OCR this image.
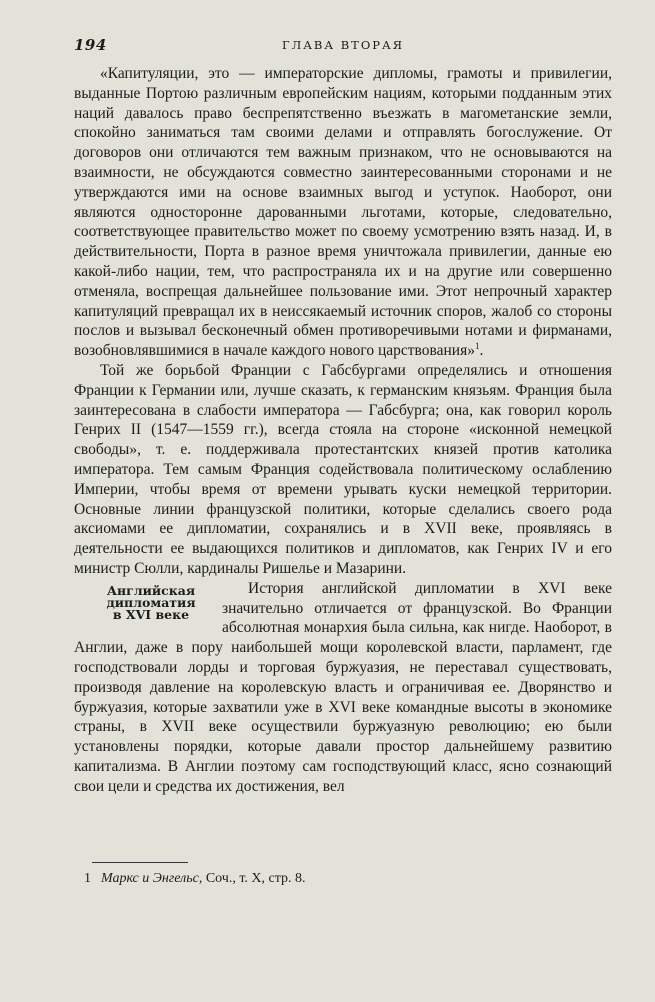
194	ГЛАВА ВТОРАЯ

«Капитуляции, это — императорские дипломы, грамоты и привилегии, выданные Портою различным европейским нациям, которыми подданным этих наций давалось право беспрепятственно въезжать в магометанские земли, спокойно заниматься там своими делами и отправлять богослужение. От договоров они отличаются тем важным признаком, что не основываются на взаимности, не обсуждаются совместно заинтересованными сторонами и не утверждаются ими на основе взаимных выгод и уступок. Наоборот, они являются односторонне дарованными льготами, которые, следовательно, соответствующее правительство может по своему усмотрению взять назад. И, в действительности, Порта в разное время уничтожала привилегии, данные ею какой-либо нации, тем, что распространяла их и на другие или совершенно отменяла, воспрещая дальнейшее пользование ими. Этот непрочный характер капитуляций превращал их в неиссякаемый источник споров, жалоб со стороны послов и вызывал бесконечный обмен противоречивыми нотами и фирманами, возобновлявшимися в начале каждого нового царствования»$^1$.

Той же борьбой Франции с Габсбургами определялись и отношения Франции к Германии или, лучше сказать, к германским князьям. Франция была заинтересована в слабости императора — Габсбурга; она, как говорил король Генрих II (1547—1559 гг.), всегда стояла на стороне «исконной немецкой свободы», т. е. поддерживала протестантских князей против католика императора. Тем самым Франция содействовала политическому ослаблению Империи, чтобы время от времени урывать куски немецкой территории. Основные линии французской политики, которые сделались своего рода аксиомами ее дипломатии, сохранялись и в XVII веке, проявляясь в деятельности ее выдающихся политиков и дипломатов, как Генрих IV и его министр Сюлли, кардиналы Ришелье и Мазарини.

Английская
дипломатия
в XVI веке
История английской дипломатии в XVI веке значительно отличается от французской. Во Франции абсолютная монархия была сильна, как нигде. Наоборот, в Англии, даже в пору наибольшей мощи королевской власти, парламент, где господствовали лорды и торговая буржуазия, не переставал существовать, производя давление на королевскую власть и ограничивая ее. Дворянство и буржуазия, которые захватили уже в XVI веке командные высоты в экономике страны, в XVII веке осуществили буржуазную революцию; ею были установлены порядки, которые давали простор дальнейшему развитию капитализма. В Англии поэтому сам господствующий класс, ясно сознающий свои цели и средства их достижения, вел

1 Маркс и Энгельс, Соч., т. X, стр. 8.
